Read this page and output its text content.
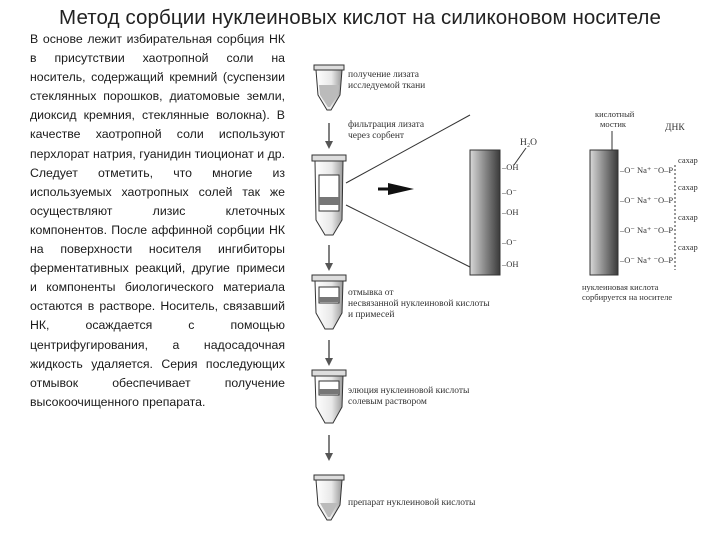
Метод сорбции нуклеиновых кислот на силиконовом носителе
В основе лежит избирательная сорбция НК в присутствии хаотропной соли на носитель, содержащий кремний (суспензии стеклянных порошков, диатомовые земли, диоксид кремния, стеклянные волокна). В качестве хаотропной соли используют перхлорат натрия, гуанидин тиоционат и др. Следует отметить, что многие из используемых хаотропных солей так же осуществляют лизис клеточных компонентов. После аффинной сорбции НК на поверхности носителя ингибиторы ферментативных реакций, другие примеси и компоненты биологического материала остаются в растворе. Носитель, связавший НК, осаждается с помощью центрифугирования, а надосадочная жидкость удаляется. Серия последующих отмывок обеспечивает получение высокоочищенного препарата.
получение лизата
исследуемой ткани
фильтрация лизата
через сорбент
H₂O
–OH
–O⁻
–OH
–O⁻
–OH
кислотный
мостик	ДНК
–O⁻ Na⁺ ⁻O–P
–O⁻ Na⁺ ⁻O–P
–O⁻ Na⁺ ⁻O–P
–O⁻ Na⁺ ⁻O–P
сахар
сахар
сахар
сахар
нуклеиновая кислота
сорбируется на носителе
отмывка от
несвязанной нуклеиновой кислоты
и примесей
элюция нуклеиновой кислоты
солевым раствором
препарат нуклеиновой кислоты
